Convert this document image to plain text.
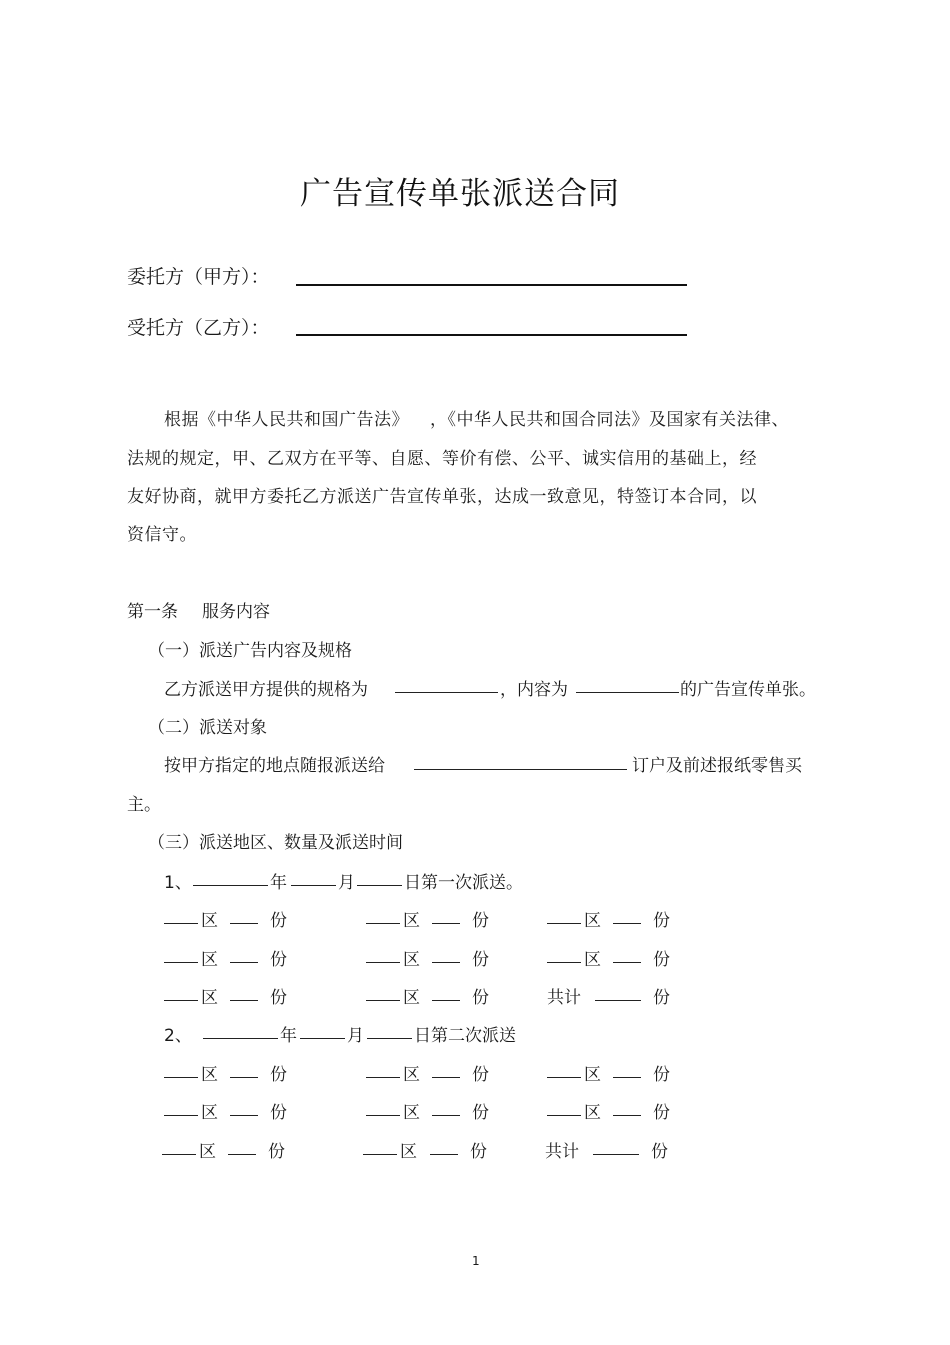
广告宣传单张派送合同
委托方（甲方）：
受托方（乙方）：
根据《中华人民共和国广告法》 ，《中华人民共和国合同法》及国家有关法律、
法规的规定，甲、乙双方在平等、自愿、等价有偿、公平、诚实信用的基础上，经
友好协商，就甲方委托乙方派送广告宣传单张，达成一致意见，特签订本合同，以
资信守。
第一条 服务内容
（一）派送广告内容及规格
乙方派送甲方提供的规格为	，内容为	的广告宣传单张。
（二）派送对象
按甲方指定的地点随报派送给	订户及前述报纸零售买
主。
（三）派送地区、数量及派送时间
1、	年	月	日第一次派送。
区	份	区	份	区	份
区	份	区	份	区	份
区	份	区	份	共计	份
2、	年	月	日第二次派送
区	份	区	份	区	份
区	份	区	份	区	份
区	份	区	份	共计	份
1
